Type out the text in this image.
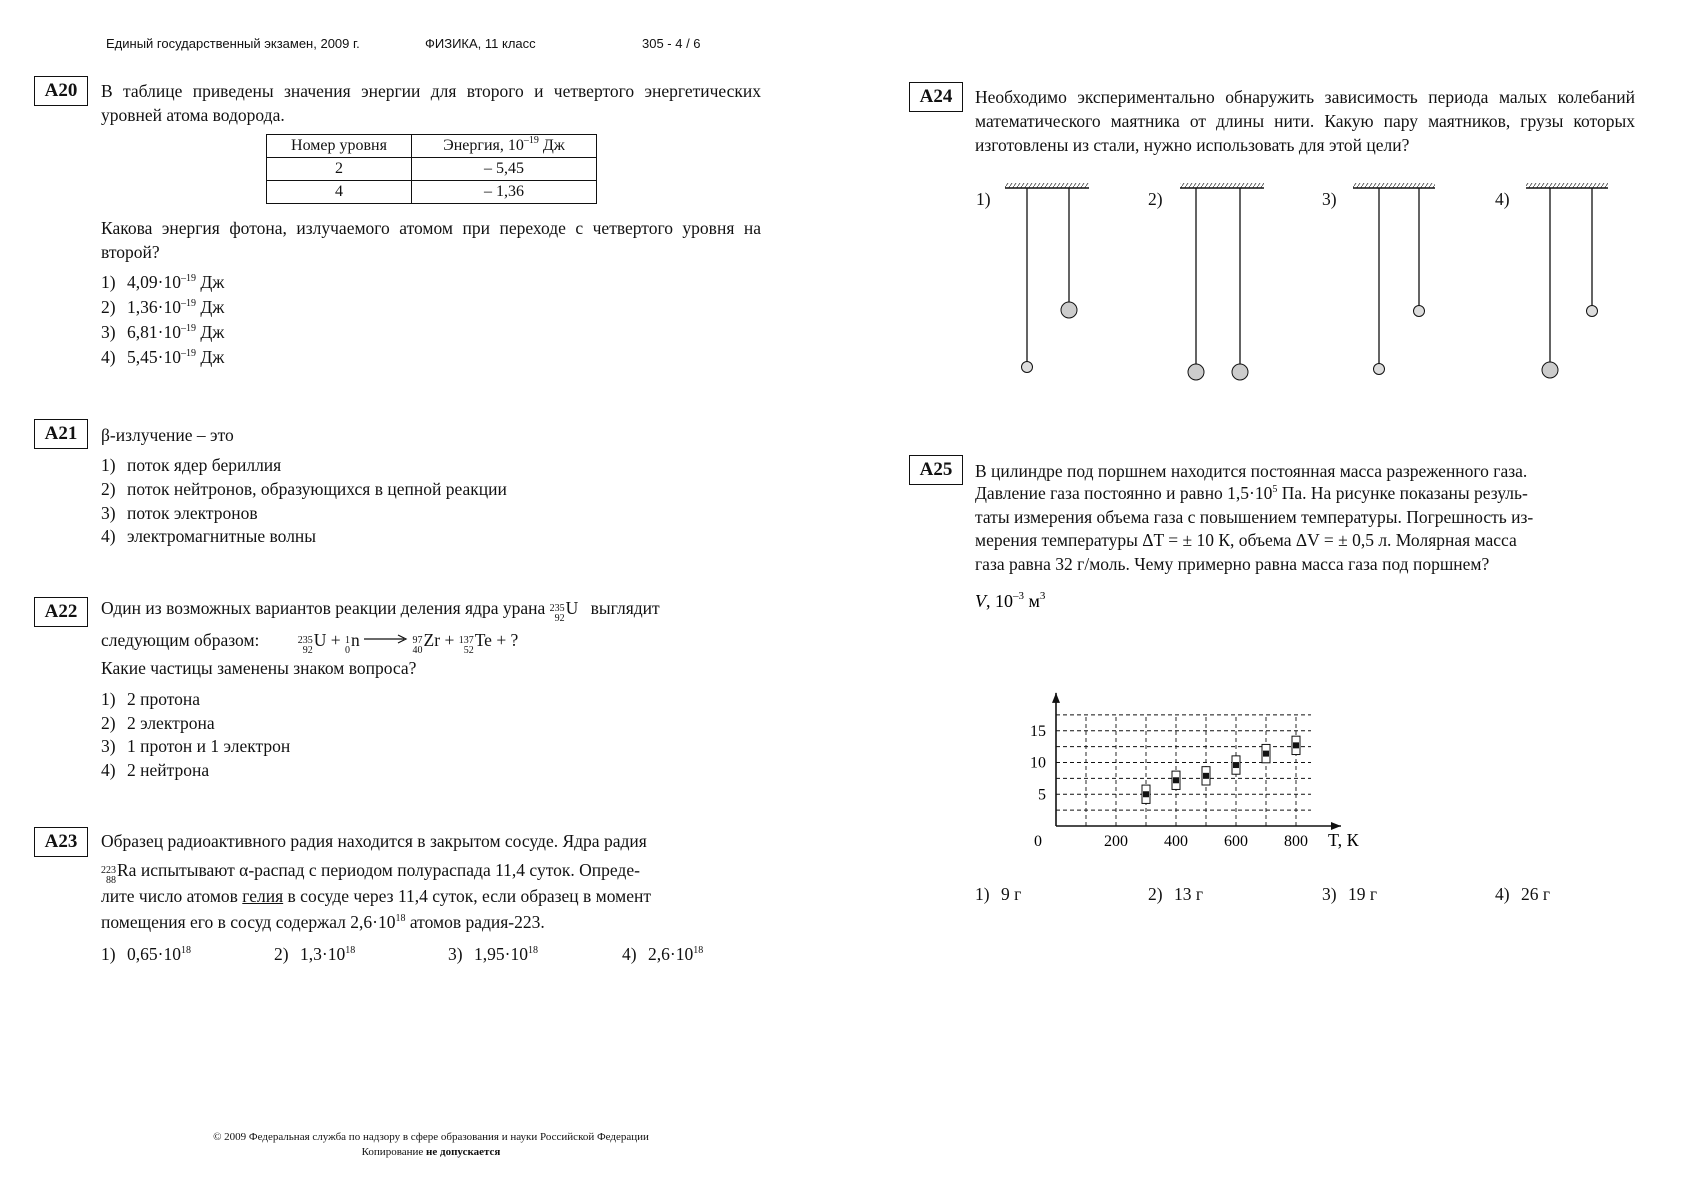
Единый государственный экзамен, 2009 г.	ФИЗИКА, 11 класс	305 - 4 / 6
A20	В таблице приведены значения энергии для второго и четвертого энергетических уровней атома водорода.
Номер уровня	Энергия, $10^{-19}$ Дж
2	– 5,45
4	– 1,36
Какова энергия фотона, излучаемого атомом при переходе с четвертого уровня на второй?
1) $4,09\cdot 10^{-19}$ Дж
2) $1,36\cdot 10^{-19}$ Дж
3) $6,81\cdot 10^{-19}$ Дж
4) $5,45\cdot 10^{-19}$ Дж
A21	β-излучение – это
1) поток ядер бериллия
2) поток нейтронов, образующихся в цепной реакции
3) поток электронов
4) электромагнитные волны
A22	Один из возможных вариантов реакции деления ядра урана 235
92
U выглядит
следующим образом:	235
92
U + 1
0
n → 97
40
Zr + 137
52
Te + ?
Какие частицы заменены знаком вопроса?
1) 2 протона
2) 2 электрона
3) 1 протон и 1 электрон
4) 2 нейтрона
A23	Образец радиоактивного радия находится в закрытом сосуде. Ядра радия
223
88
Ra испытывают α-распад с периодом полураспада 11,4 суток. Опреде-
лите число атомов гелия в сосуде через 11,4 суток, если образец в момент
помещения его в сосуд содержал $2,6\cdot 10^{18}$ атомов радия-223.
1) $0,65\cdot 10^{18}$	2) $1,3\cdot 10^{18}$	3) $1,95\cdot 10^{18}$	4) $2,6\cdot 10^{18}$
A24	Необходимо экспериментально обнаружить зависимость периода малых колебаний математического маятника от длины нити. Какую пару маятников, грузы которых изготовлены из стали, нужно использовать для этой цели?
1)	2)	3)	4)
A25	В цилиндре под поршнем находится постоянная масса разреженного газа.
Давление газа постоянно и равно $1,5\cdot 10^5$ Па. На рисунке показаны резуль-
таты измерения объема газа с повышением температуры. Погрешность из-
мерения температуры ΔT = ± 10 К, объема ΔV = ± 0,5 л. Молярная масса
газа равна 32 г/моль. Чему примерно равна масса газа под поршнем?
0	200 400 600 800
5
10
15
V, $10^{-3}$ $м^3$
T, К
1) 9 г	2) 13 г	3) 19 г	4) 26 г
© 2009 Федеральная служба по надзору в сфере образования и науки Российской Федерации
Копирование не допускается
